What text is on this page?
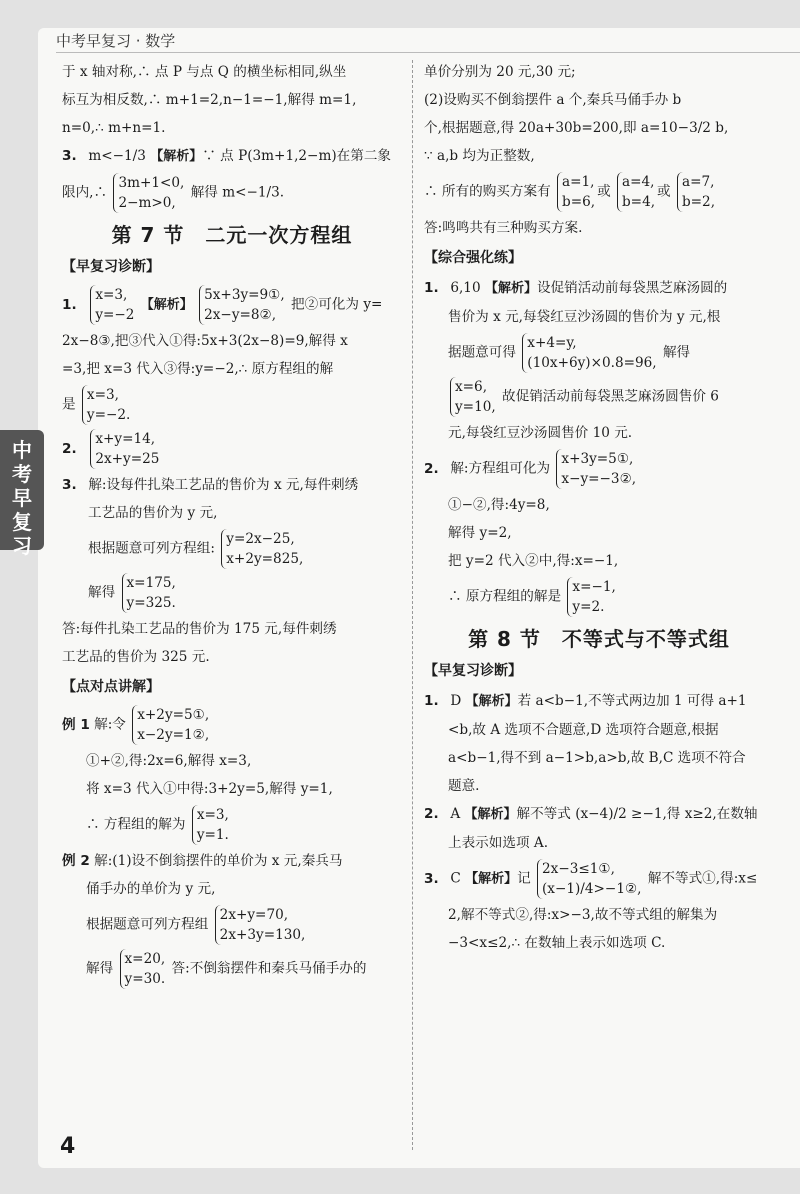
中考早复习 · 数学
中
考
早
复
习
4
于 x 轴对称,∴ 点 P 与点 Q 的横坐标相同,纵坐
标互为相反数,∴ m+1=2,n−1=−1,解得 m=1,
n=0,∴ m+n=1.
3. m<−1/3 【解析】∵ 点 P(3m+1,2−m)在第二象
限内,∴
3m+1<0,
2−m>0,
解得 m<−1/3.
第 7 节　二元一次方程组
【早复习诊断】
1.
x=3,
y=−2
【解析】
5x+3y=9①,
2x−y=8②,
把②可化为 y=
2x−8③,把③代入①得:5x+3(2x−8)=9,解得 x
=3,把 x=3 代入③得:y=−2,∴ 原方程组的解
是
x=3,
y=−2.
2.
x+y=14,
2x+y=25
3. 解:设每件扎染工艺品的售价为 x 元,每件刺绣
工艺品的售价为 y 元,
根据题意可列方程组:
y=2x−25,
x+2y=825,
解得
x=175,
y=325.
答:每件扎染工艺品的售价为 175 元,每件刺绣
工艺品的售价为 325 元.
【点对点讲解】
例 1 解:令
x+2y=5①,
x−2y=1②,
①+②,得:2x=6,解得 x=3,
将 x=3 代入①中得:3+2y=5,解得 y=1,
∴ 方程组的解为
x=3,
y=1.
例 2 解:(1)设不倒翁摆件的单价为 x 元,秦兵马
俑手办的单价为 y 元,
根据题意可列方程组
2x+y=70,
2x+3y=130,
解得
x=20,
y=30.
答:不倒翁摆件和秦兵马俑手办的
单价分别为 20 元,30 元;
(2)设购买不倒翁摆件 a 个,秦兵马俑手办 b
个,根据题意,得 20a+30b=200,即 a=10−3/2 b,
∵ a,b 均为正整数,
∴ 所有的购买方案有
a=1,
b=6,
或
a=4,
b=4,
或
a=7,
b=2,
答:鸣鸣共有三种购买方案.
【综合强化练】
1. 6,10 【解析】设促销活动前每袋黑芝麻汤圆的
售价为 x 元,每袋红豆沙汤圆的售价为 y 元,根
据题意可得
x+4=y,
(10x+6y)×0.8=96,
解得
x=6,
y=10,
故促销活动前每袋黑芝麻汤圆售价 6
元,每袋红豆沙汤圆售价 10 元.
2. 解:方程组可化为
x+3y=5①,
x−y=−3②,
①−②,得:4y=8,
解得 y=2,
把 y=2 代入②中,得:x=−1,
∴ 原方程组的解是
x=−1,
y=2.
第 8 节　不等式与不等式组
【早复习诊断】
1. D 【解析】若 a<b−1,不等式两边加 1 可得 a+1
<b,故 A 选项不合题意,D 选项符合题意,根据
a<b−1,得不到 a−1>b,a>b,故 B,C 选项不符合
题意.
2. A 【解析】解不等式 (x−4)/2 ≥−1,得 x≥2,在数轴
上表示如选项 A.
3. C 【解析】记
2x−3≤1①,
(x−1)/4>−1②,
解不等式①,得:x≤
2,解不等式②,得:x>−3,故不等式组的解集为
−3<x≤2,∴ 在数轴上表示如选项 C.
